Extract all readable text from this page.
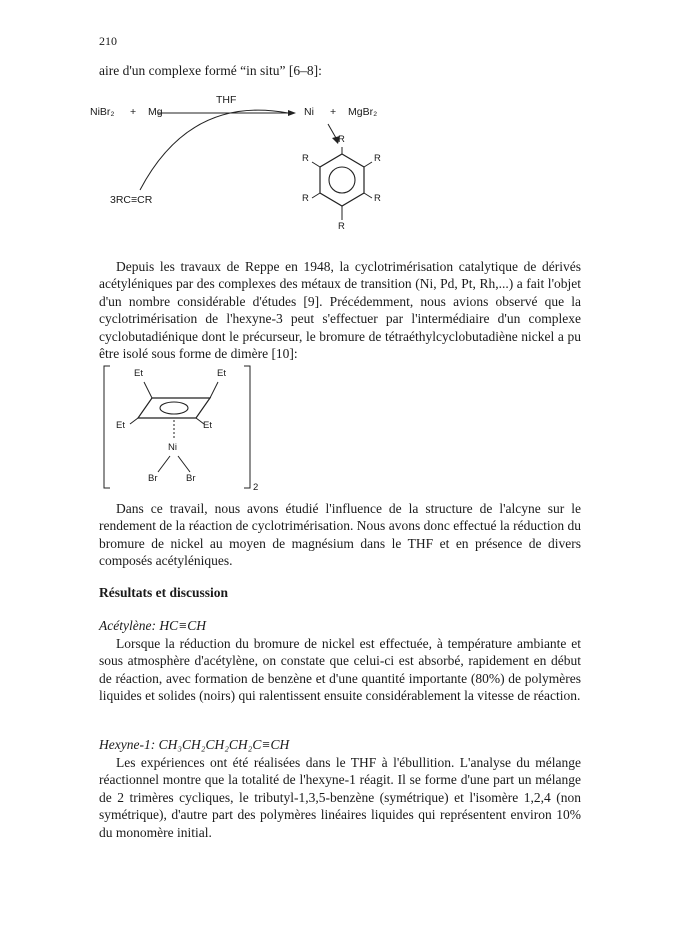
210
aire d'un complexe formé “in situ” [6–8]:
NiBr₂ + Mg
THF
Ni + MgBr₂
3RC≡CR
R
R
R
R
R
R

Depuis les travaux de Reppe en 1948, la cyclotrimérisation catalytique de dérivés acétyléniques par des complexes des métaux de transition (Ni, Pd, Pt, Rh,...) a fait l'objet d'un nombre considérable d'études [9]. Précédemment, nous avions observé que la cyclotrimérisation de l'hexyne-3 peut s'effectuer par l'intermédiaire d'un complexe cyclobutadiénique dont le précurseur, le bromure de tétraéthylcyclobutadiène nickel a pu être isolé sous forme de dimère [10]:

Et	Et
Et	Et
Ni
Br	Br
2

Dans ce travail, nous avons étudié l'influence de la structure de l'alcyne sur le rendement de la réaction de cyclotrimérisation. Nous avons donc effectué la réduction du bromure de nickel au moyen de magnésium dans le THF et en présence de divers composés acétyléniques.

Résultats et discussion
Acétylène: HC≡CH

Lorsque la réduction du bromure de nickel est effectuée, à température ambiante et sous atmosphère d'acétylène, on constate que celui-ci est absorbé, rapidement en début de réaction, avec formation de benzène et d'une quantité importante (80%) de polymères liquides et solides (noirs) qui ralentissent ensuite considérablement la vitesse de réaction.

Hexyne-1: CH₃CH₂CH₂CH₂C≡CH

Les expériences ont été réalisées dans le THF à l'ébullition. L'analyse du mélange réactionnel montre que la totalité de l'hexyne-1 réagit. Il se forme d'une part un mélange de 2 trimères cycliques, le tributyl-1,3,5-benzène (symétrique) et l'isomère 1,2,4 (non symétrique), d'autre part des polymères linéaires liquides qui représentent environ 10% du monomère initial.
